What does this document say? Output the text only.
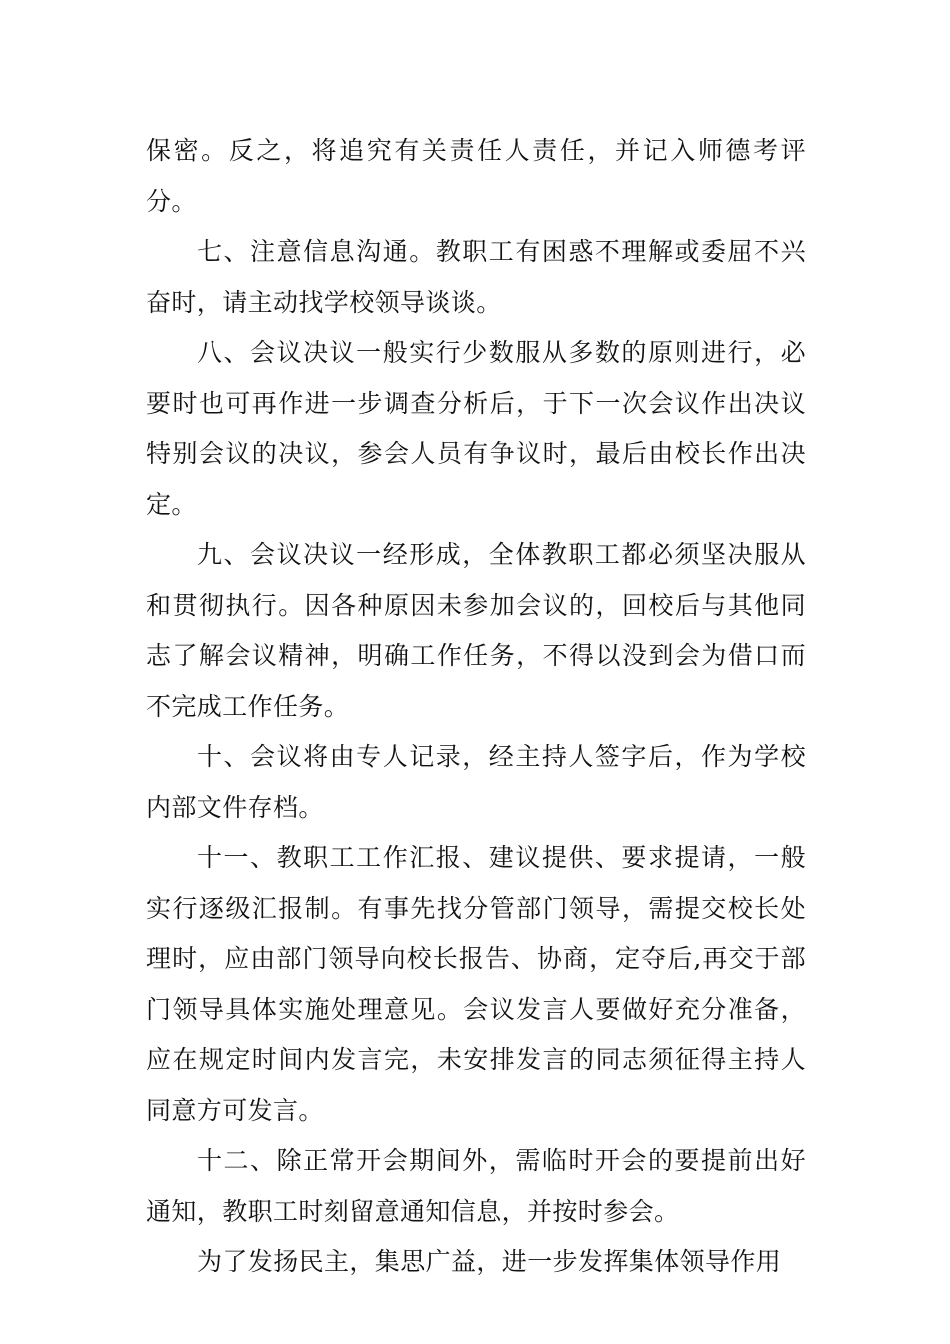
保密。反之，将追究有关责任人责任，并记入师德考评分。

七、注意信息沟通。教职工有困惑不理解或委屈不兴奋时，请主动找学校领导谈谈。

八、会议决议一般实行少数服从多数的原则进行，必要时也可再作进一步调查分析后，于下一次会议作出决议特别会议的决议，参会人员有争议时，最后由校长作出决定。

九、会议决议一经形成，全体教职工都必须坚决服从和贯彻执行。因各种原因未参加会议的，回校后与其他同志了解会议精神，明确工作任务，不得以没到会为借口而不完成工作任务。

十、会议将由专人记录，经主持人签字后，作为学校内部文件存档。

十一、教职工工作汇报、建议提供、要求提请，一般实行逐级汇报制。有事先找分管部门领导，需提交校长处理时，应由部门领导向校长报告、协商，定夺后,再交于部门领导具体实施处理意见。会议发言人要做好充分准备，应在规定时间内发言完，未安排发言的同志须征得主持人同意方可发言。

十二、除正常开会期间外，需临时开会的要提前出好通知，教职工时刻留意通知信息，并按时参会。

为了发扬民主，集思广益，进一步发挥集体领导作用
